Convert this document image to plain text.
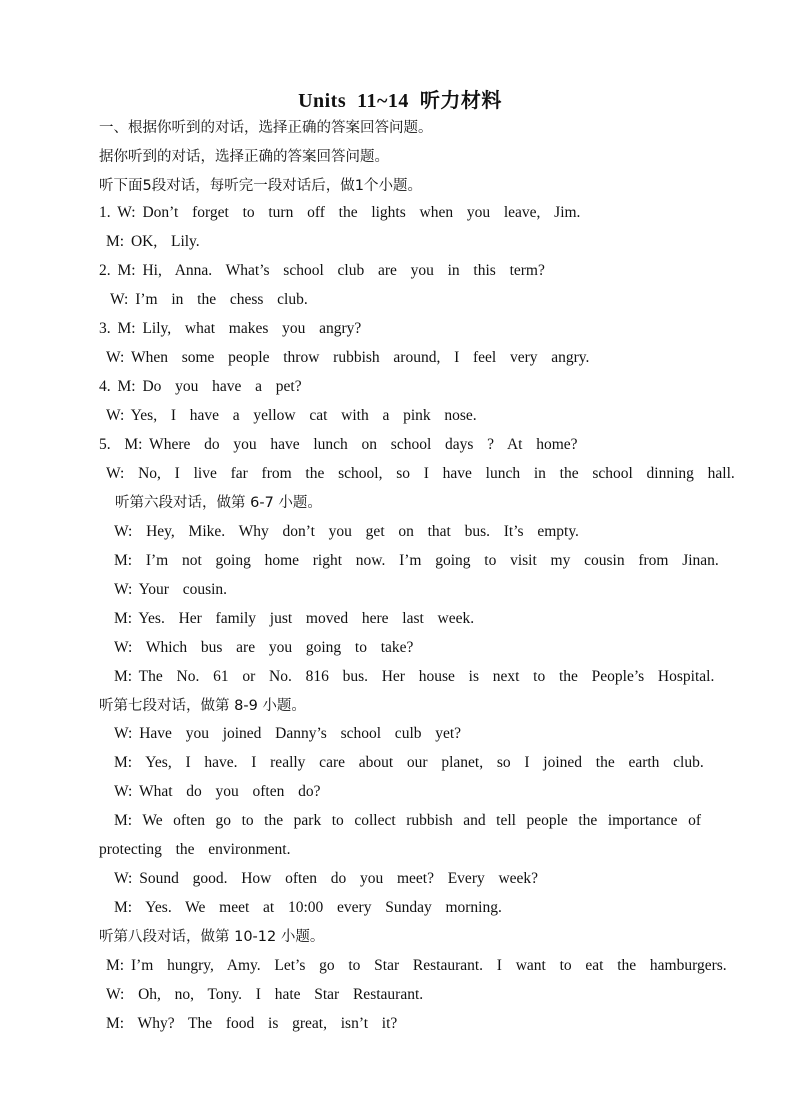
Units  11~14  听力材料
一、根据你听到的对话，选择正确的答案回答问题。
据你听到的对话，选择正确的答案回答问题。
听下面5段对话，每听完一段对话后，做1个小题。
1. W: Don’t  forget  to  turn  off  the  lights  when  you  leave,  Jim.
M: OK,  Lily.
2. M: Hi,  Anna.  What’s  school  club  are  you  in  this  term?
W: I’m  in  the  chess  club.
3. M: Lily,  what  makes  you  angry?
W: When  some  people  throw  rubbish  around,  I  feel  very  angry.
4. M: Do  you  have  a  pet?
W: Yes,  I  have  a  yellow  cat  with  a  pink  nose.
5.  M: Where  do  you  have  lunch  on  school  days  ?  At  home?
W:  No,  I  live  far  from  the  school,  so  I  have  lunch  in  the  school  dinning  hall.
听第六段对话，做第 6-7 小题。
W:  Hey,  Mike.  Why  don’t  you  get  on  that  bus.  It’s  empty.
M:  I’m  not  going  home  right  now.  I’m  going  to  visit  my  cousin  from  Jinan.
W: Your  cousin.
M: Yes.  Her  family  just  moved  here  last  week.
W:  Which  bus  are  you  going  to  take?
M: The  No.  61  or  No.  816  bus.  Her  house  is  next  to  the  People’s  Hospital.
听第七段对话，做第 8-9 小题。
W: Have  you  joined  Danny’s  school  culb  yet?
M:  Yes,  I  have.  I  really  care  about  our  planet,  so  I  joined  the  earth  club.
W: What  do  you  often  do?
M: We often go to the park to collect rubbish and tell people the importance of
protecting  the  environment.
W: Sound  good.  How  often  do  you  meet?  Every  week?
M:  Yes.  We  meet  at  10:00  every  Sunday  morning.
听第八段对话，做第 10-12 小题。
M: I’m  hungry,  Amy.  Let’s  go  to  Star  Restaurant.  I  want  to  eat  the  hamburgers.
W:  Oh,  no,  Tony.  I  hate  Star  Restaurant.
M:  Why?  The  food  is  great,  isn’t  it?
